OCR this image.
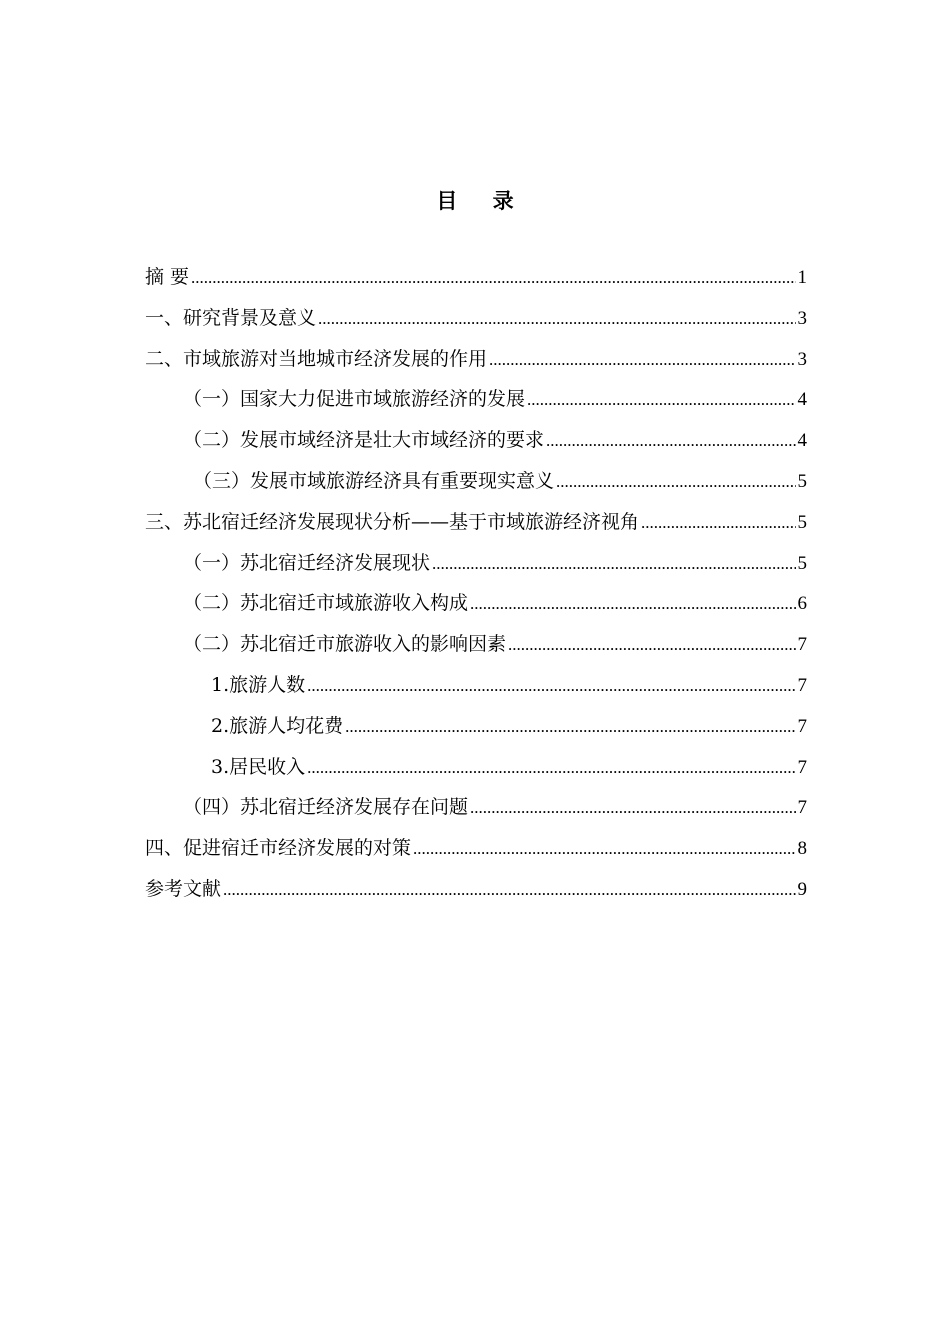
目 录
摘 要 .....	1
一、研究背景及意义 .....	3
二、市域旅游对当地城市经济发展的作用 .....	3
（一）国家大力促进市域旅游经济的发展 .....	4
（二）发展市域经济是壮大市域经济的要求 .....	4
（三）发展市域旅游经济具有重要现实意义 .....	5
三、苏北宿迁经济发展现状分析——基于市域旅游经济视角 .....	5
（一）苏北宿迁经济发展现状 .....	5
（二）苏北宿迁市域旅游收入构成 .....	6
（二）苏北宿迁市旅游收入的影响因素 .....	7
1.旅游人数 .....	7
2.旅游人均花费 .....	7
3.居民收入 .....	7
（四）苏北宿迁经济发展存在问题 .....	7
四、促进宿迁市经济发展的对策 .....	8
参考文献 .....	9
